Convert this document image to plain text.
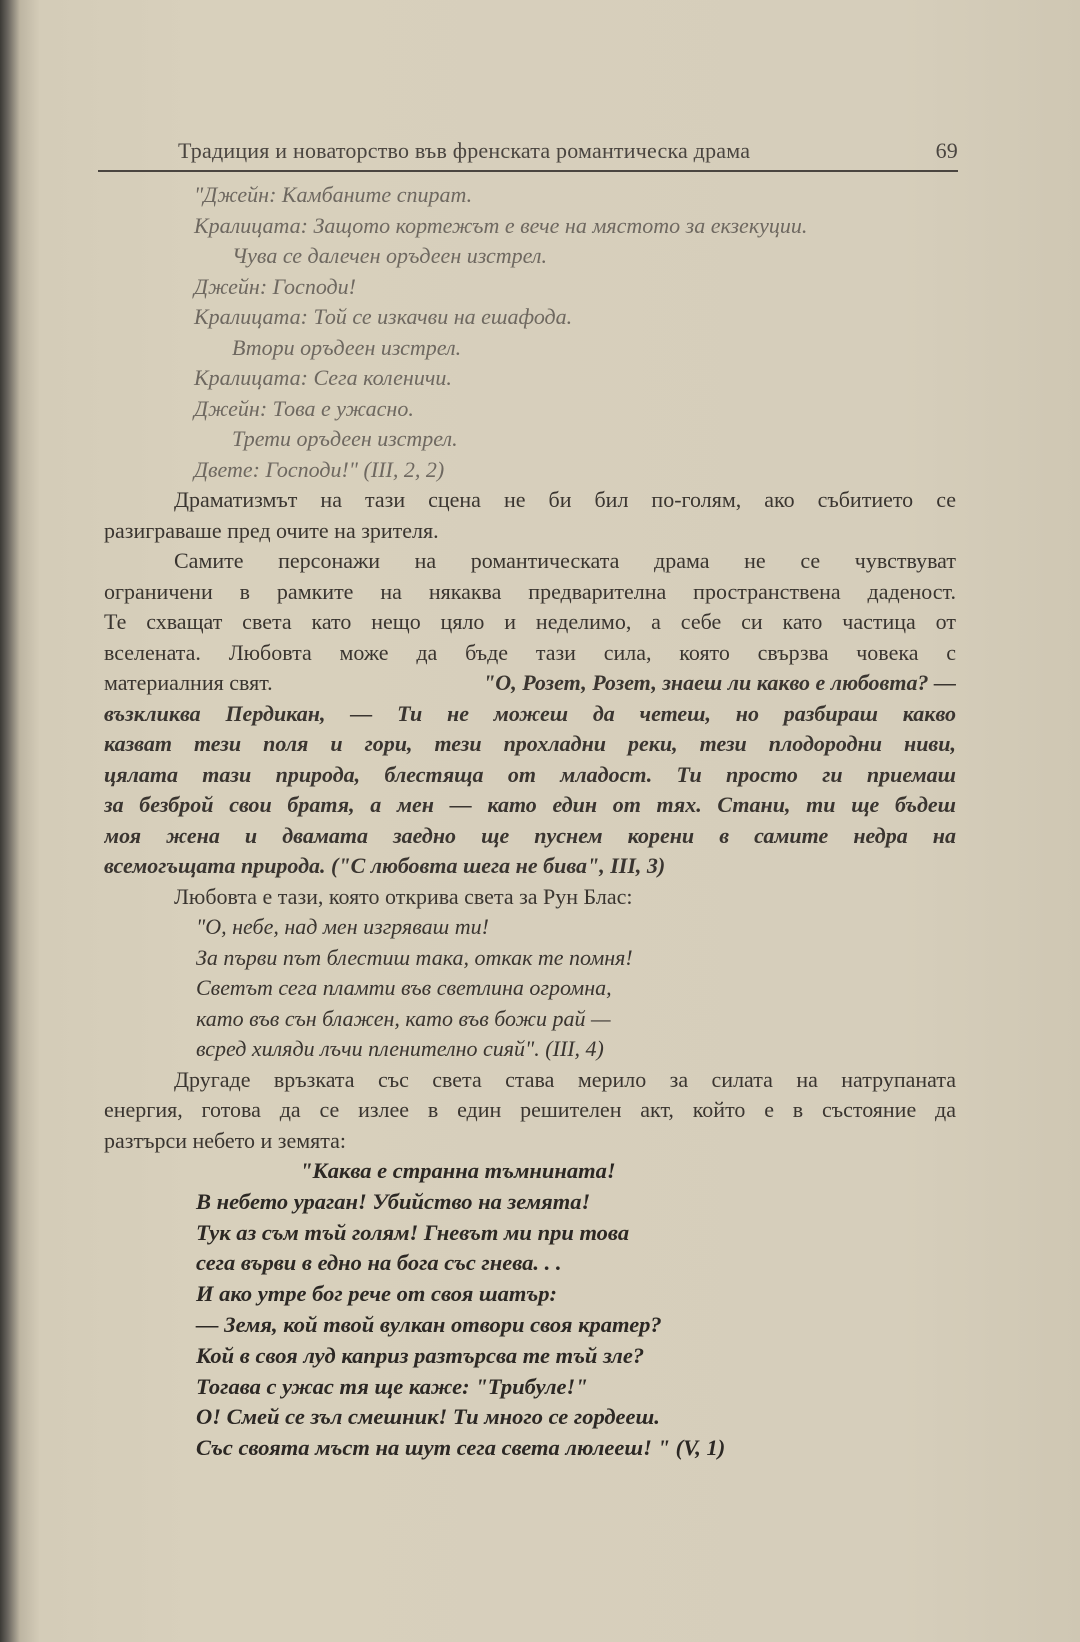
Традиция и новаторство във френската романтическа драма	69
"Джейн: Камбаните спират.
Кралицата: Защото кортежът е вече на мястото за екзекуции.
Чува се далечен оръдеен изстрел.
Джейн: Господи!
Кралицата: Той се изкачви на ешафода.
Втори оръдеен изстрел.
Кралицата: Сега коленичи.
Джейн: Това е ужасно.
Трети оръдеен изстрел.
Двете: Господи!" (III, 2, 2)
Драматизмът на тази сцена не би бил по-голям, ако събитието се
разиграваше пред очите на зрителя.
Самите персонажи на романтическата драма не се чувствуват
ограничени в рамките на някаква предварителна пространствена даденост.
Те схващат света като нещо цяло и неделимо, а себе си като частица от
вселената. Любовта може да бъде тази сила, която свързва човека с
материалния свят.	"О, Розет, Розет, знаеш ли какво е любовта? —
възкликва Пердикан, — Ти не можеш да четеш, но разбираш какво
казват тези поля и гори, тези прохладни реки, тези плодородни ниви,
цялата тази природа, блестяща от младост. Ти просто ги приемаш
за безброй свои братя, а мен — като един от тях. Стани, ти ще бъдеш
моя жена и двамата заедно ще пуснем корени в самите недра на
всемогъщата природа. ("С любовта шега не бива", III, 3)
Любовта е тази, която открива света за Рун Блас:
"О, небе, над мен изгряваш ти!
За първи път блестиш така, откак те помня!
Светът сега пламти във светлина огромна,
като във сън блажен, като във божи рай —
всред хиляди лъчи пленително сияй". (III, 4)
Другаде връзката със света става мерило за силата на натрупаната
енергия, готова да се излее в един решителен акт, който е в състояние да
разтърси небето и земята:
"Каква е странна тъмнината!
В небето ураган! Убийство на земята!
Тук аз съм тъй голям! Гневът ми при това
сега върви в едно на бога със гнева. . .
И ако утре бог рече от своя шатър:
— Земя, кой твой вулкан отвори своя кратер?
Кой в своя луд каприз разтърсва те тъй зле?
Тогава с ужас тя ще каже: "Трибуле!"
О! Смей се зъл смешник! Ти много се гордееш.
Със своята мъст на шут сега света люлееш! " (V, 1)
